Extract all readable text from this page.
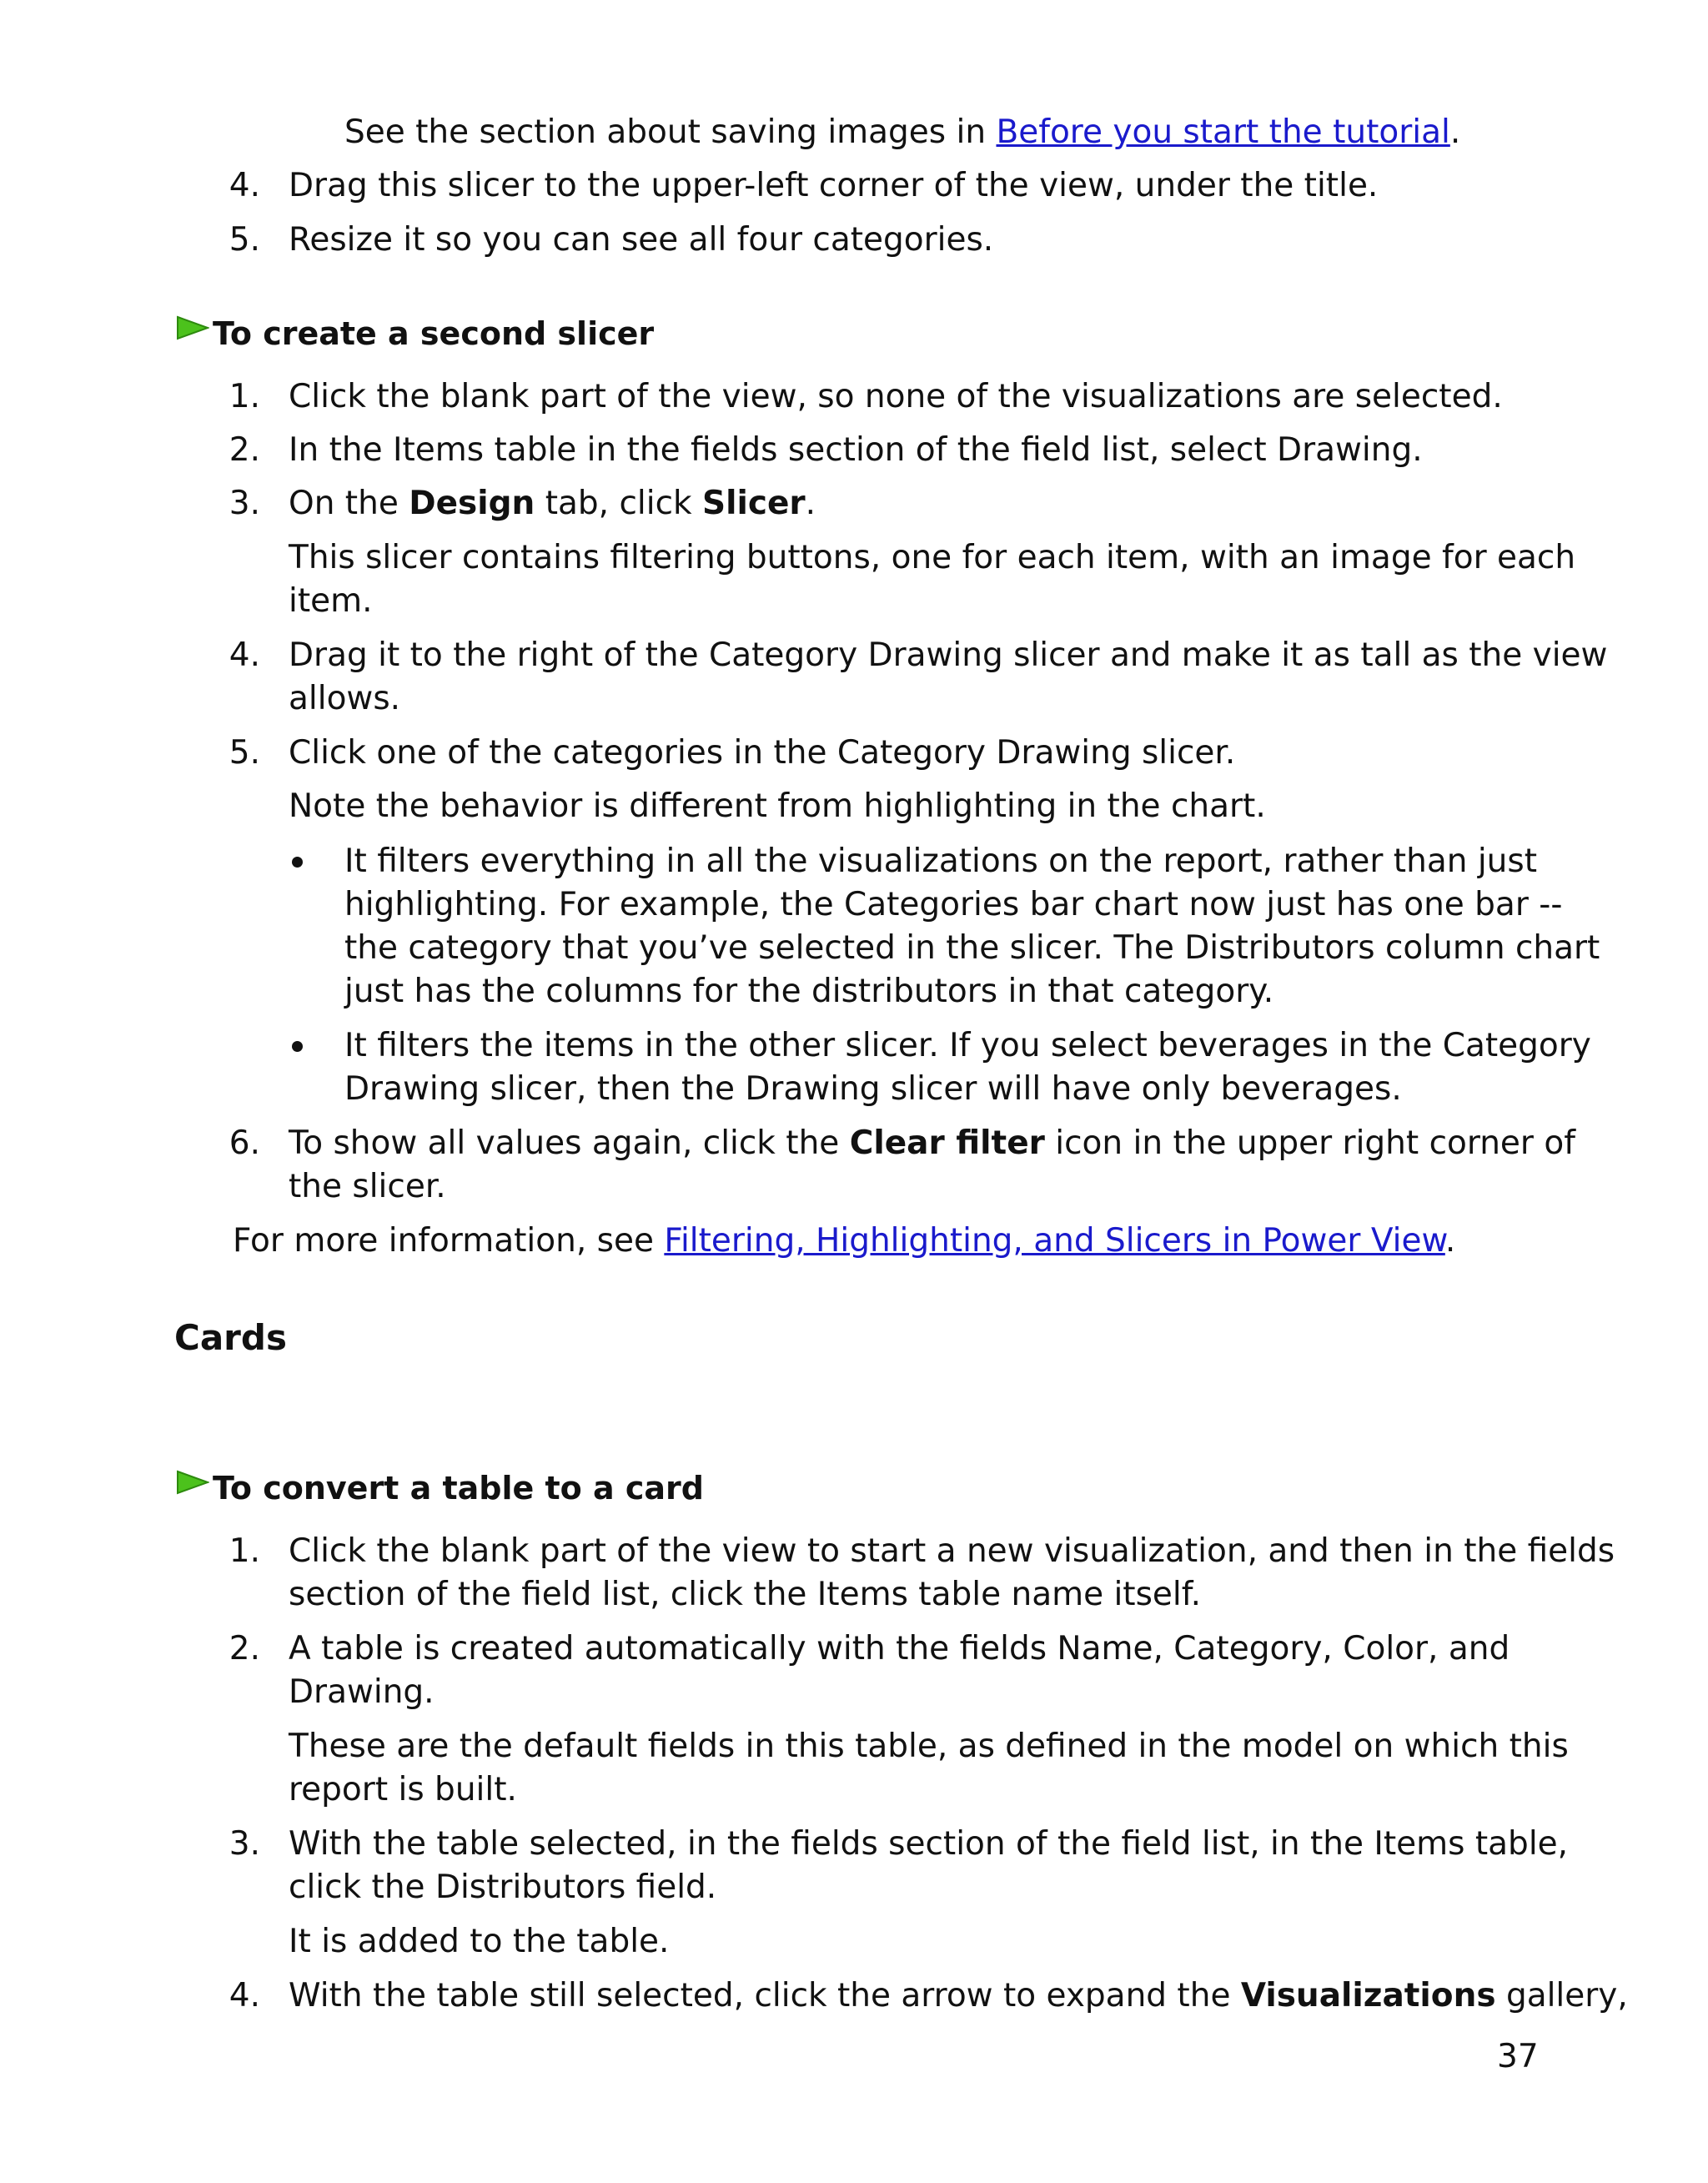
See the section about saving images in Before you start the tutorial.
4. Drag this slicer to the upper-left corner of the view, under the title.
5. Resize it so you can see all four categories.
To create a second slicer
1. Click the blank part of the view, so none of the visualizations are selected.
2. In the Items table in the fields section of the field list, select Drawing.
3. On the Design tab, click Slicer.
This slicer contains filtering buttons, one for each item, with an image for each
item.
4. Drag it to the right of the Category Drawing slicer and make it as tall as the view
allows.
5. Click one of the categories in the Category Drawing slicer.
Note the behavior is different from highlighting in the chart.
It filters everything in all the visualizations on the report, rather than just
highlighting. For example, the Categories bar chart now just has one bar --
the category that you’ve selected in the slicer. The Distributors column chart
just has the columns for the distributors in that category.
It filters the items in the other slicer. If you select beverages in the Category
Drawing slicer, then the Drawing slicer will have only beverages.
6. To show all values again, click the Clear filter icon in the upper right corner of
the slicer.
For more information, see Filtering, Highlighting, and Slicers in Power View.
Cards
To convert a table to a card
1. Click the blank part of the view to start a new visualization, and then in the fields
section of the field list, click the Items table name itself.
2. A table is created automatically with the fields Name, Category, Color, and
Drawing.
These are the default fields in this table, as defined in the model on which this
report is built.
3. With the table selected, in the fields section of the field list, in the Items table,
click the Distributors field.
It is added to the table.
4. With the table still selected, click the arrow to expand the Visualizations gallery,
37
